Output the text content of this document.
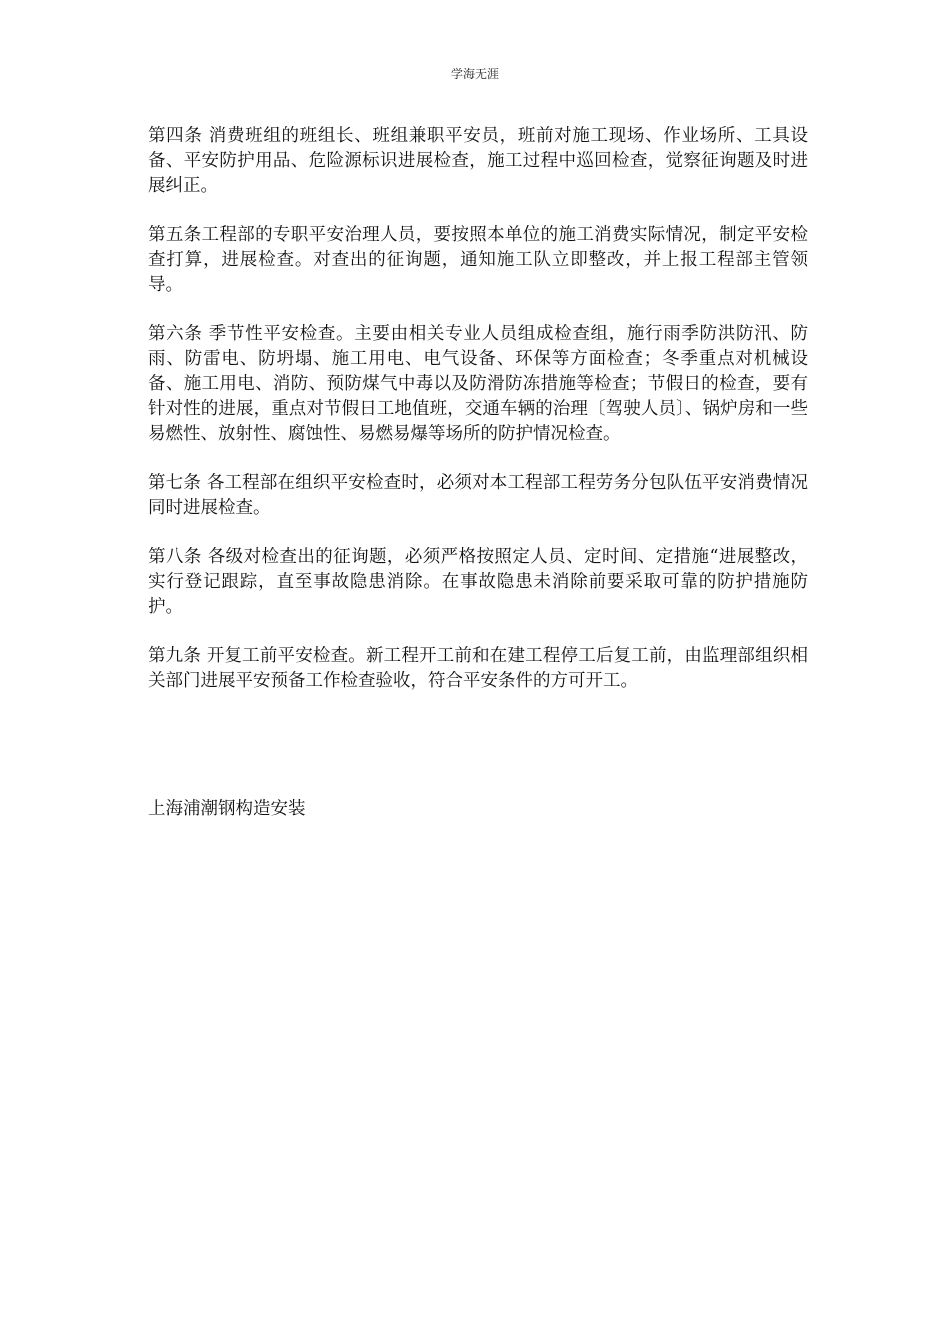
学海无涯

第四条 消费班组的班组长、班组兼职平安员，班前对施工现场、作业场所、工具设备、平安防护用品、危险源标识进展检查，施工过程中巡回检查，觉察征询题及时进展纠正。

第五条工程部的专职平安治理人员，要按照本单位的施工消费实际情况，制定平安检查打算，进展检查。对查出的征询题，通知施工队立即整改，并上报工程部主管领导。

第六条 季节性平安检查。主要由相关专业人员组成检查组，施行雨季防洪防汛、防雨、防雷电、防坍塌、施工用电、电气设备、环保等方面检查；冬季重点对机械设备、施工用电、消防、预防煤气中毒以及防滑防冻措施等检查；节假日的检查，要有针对性的进展，重点对节假日工地值班，交通车辆的治理〔驾驶人员〕、锅炉房和一些易燃性、放射性、腐蚀性、易燃易爆等场所的防护情况检查。

第七条 各工程部在组织平安检查时，必须对本工程部工程劳务分包队伍平安消费情况同时进展检查。

第八条 各级对检查出的征询题，必须严格按照定人员、定时间、定措施“进展整改，实行登记跟踪，直至事故隐患消除。在事故隐患未消除前要采取可靠的防护措施防护。

第九条 开复工前平安检查。新工程开工前和在建工程停工后复工前，由监理部组织相关部门进展平安预备工作检查验收，符合平安条件的方可开工。

上海浦潮钢构造安装
